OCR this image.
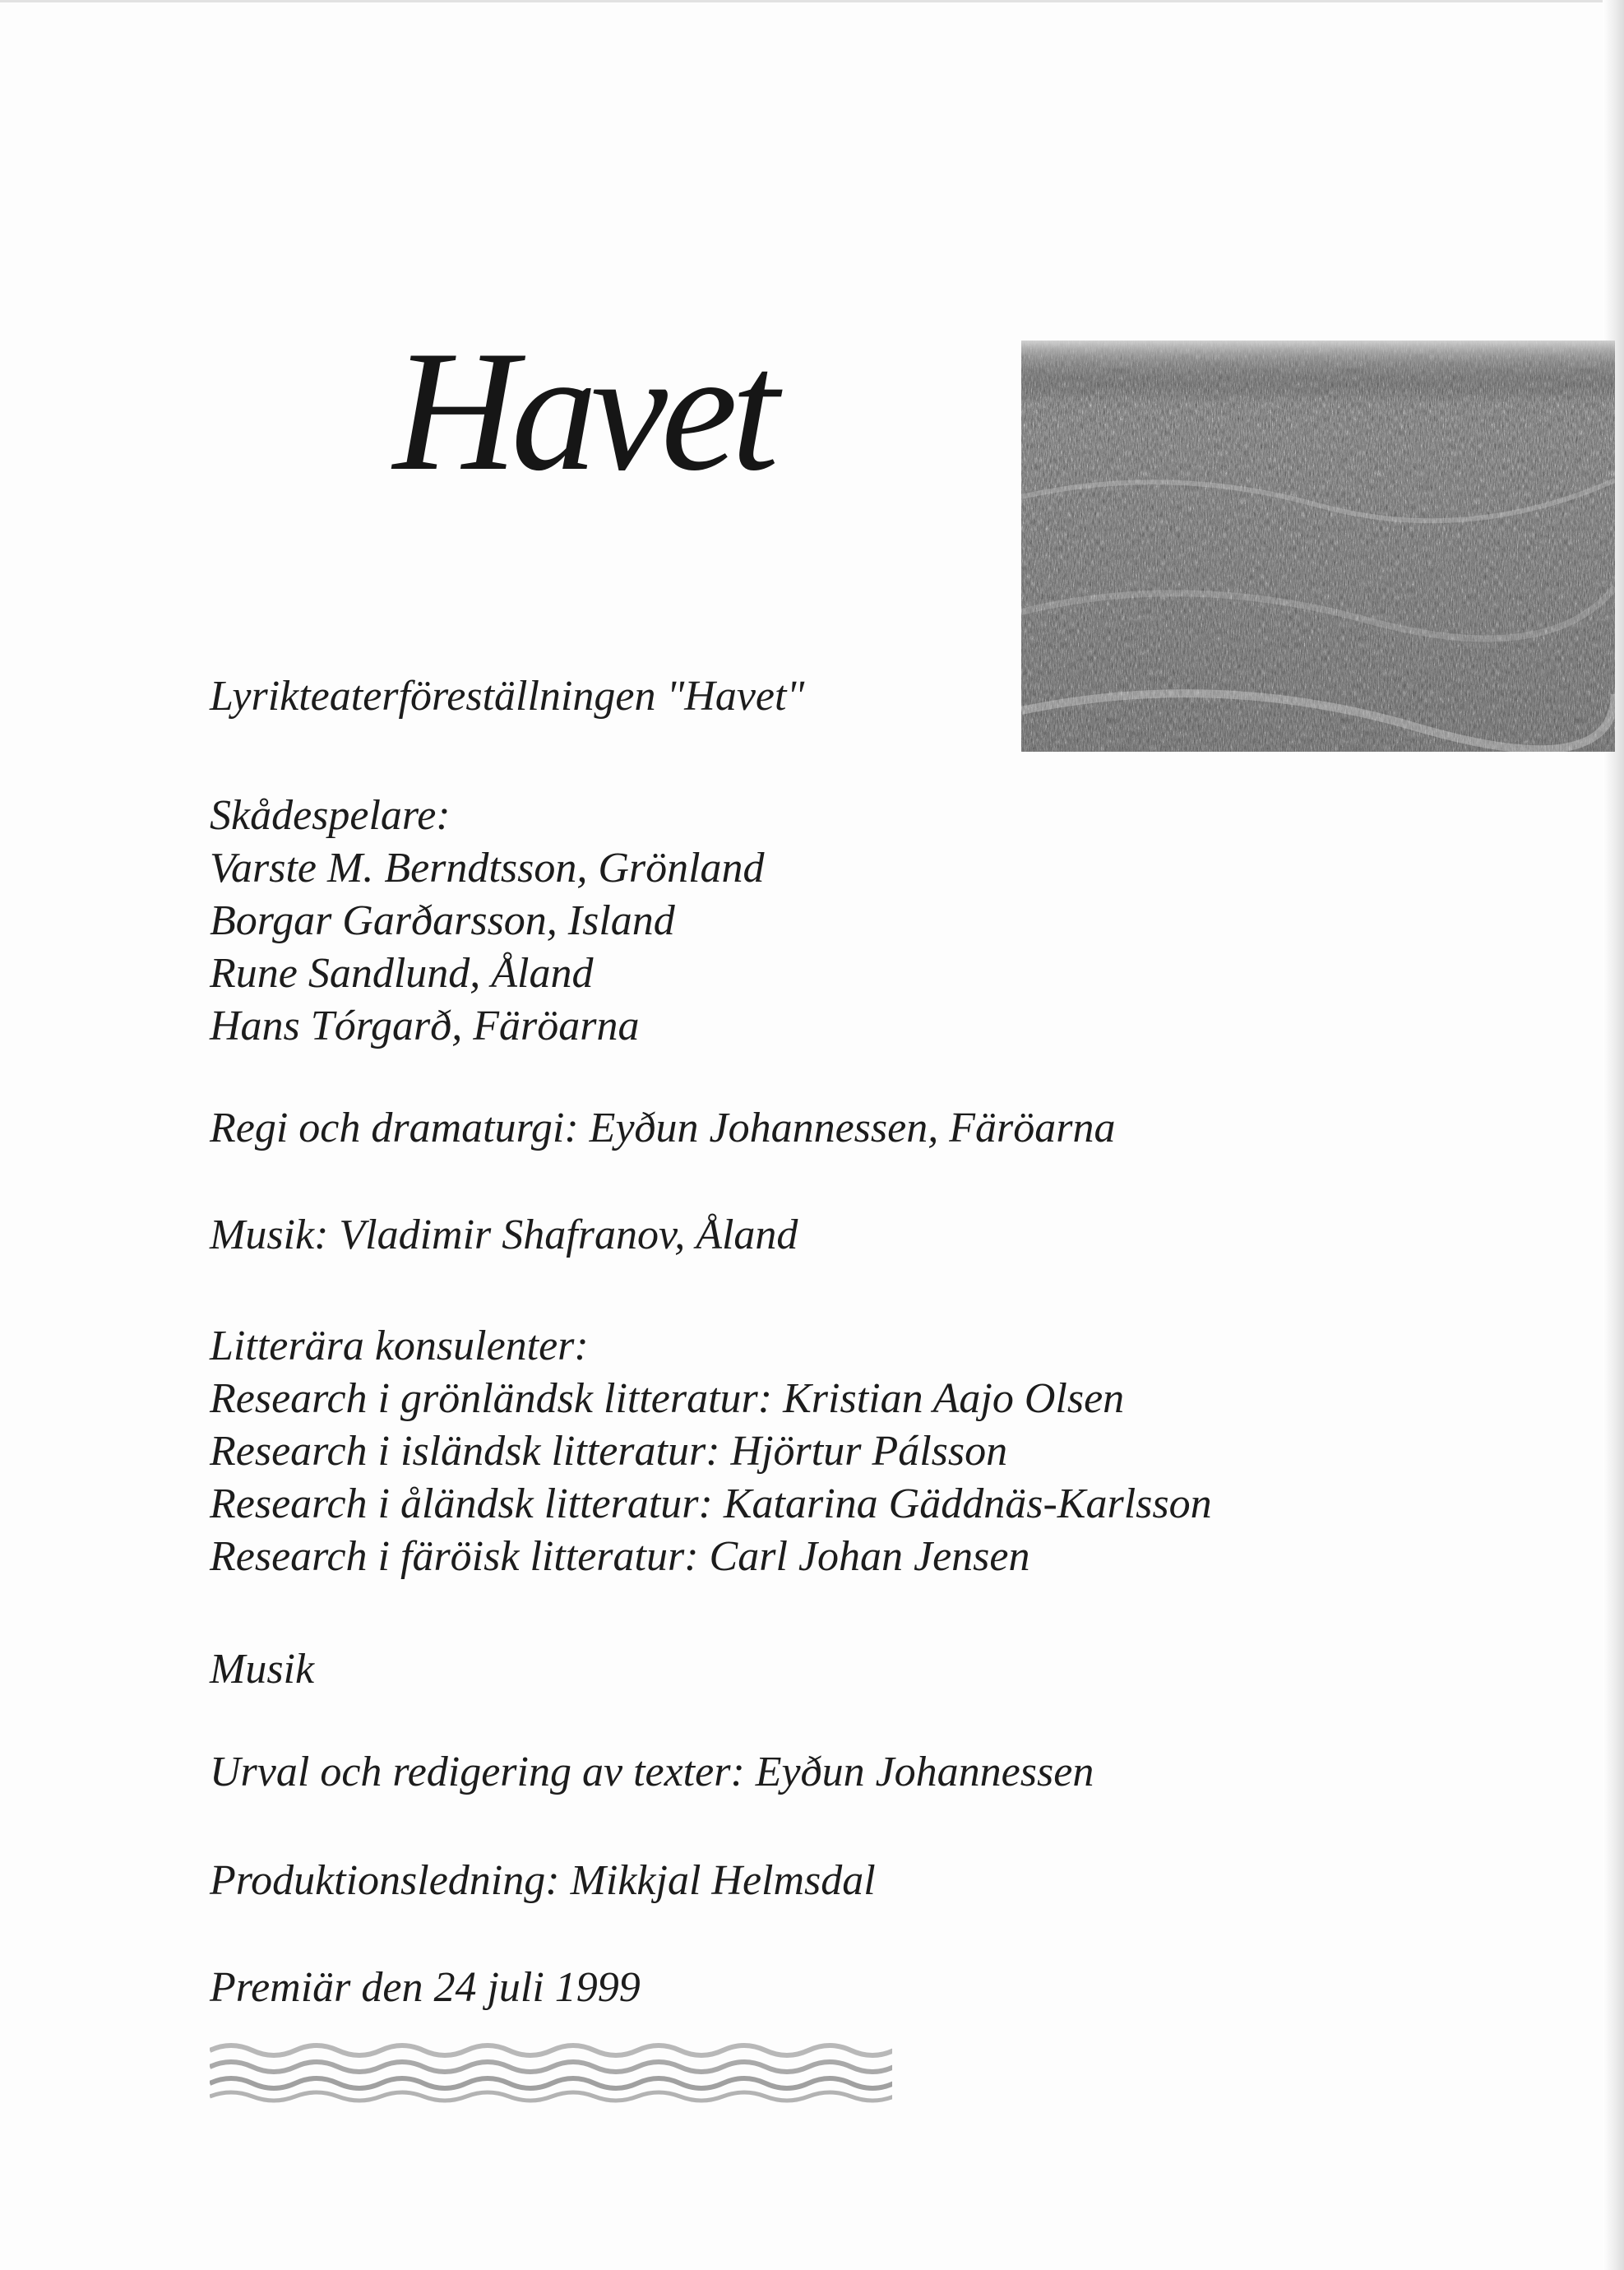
Havet
Lyrikteaterföreställningen "Havet"
Skådespelare:
Varste M. Berndtsson, Grönland
Borgar Garðarsson, Island
Rune Sandlund, Åland
Hans Tórgarð, Färöarna
Regi och dramaturgi: Eyðun Johannessen, Färöarna
Musik: Vladimir Shafranov, Åland
Litterära konsulenter:
Research i grönländsk litteratur: Kristian Aajo Olsen
Research i isländsk litteratur: Hjörtur Pálsson
Research i åländsk litteratur: Katarina Gäddnäs-Karlsson
Research i färöisk litteratur: Carl Johan Jensen
Musik
Urval och redigering av texter: Eyðun Johannessen
Produktionsledning: Mikkjal Helmsdal
Premiär den 24 juli 1999
